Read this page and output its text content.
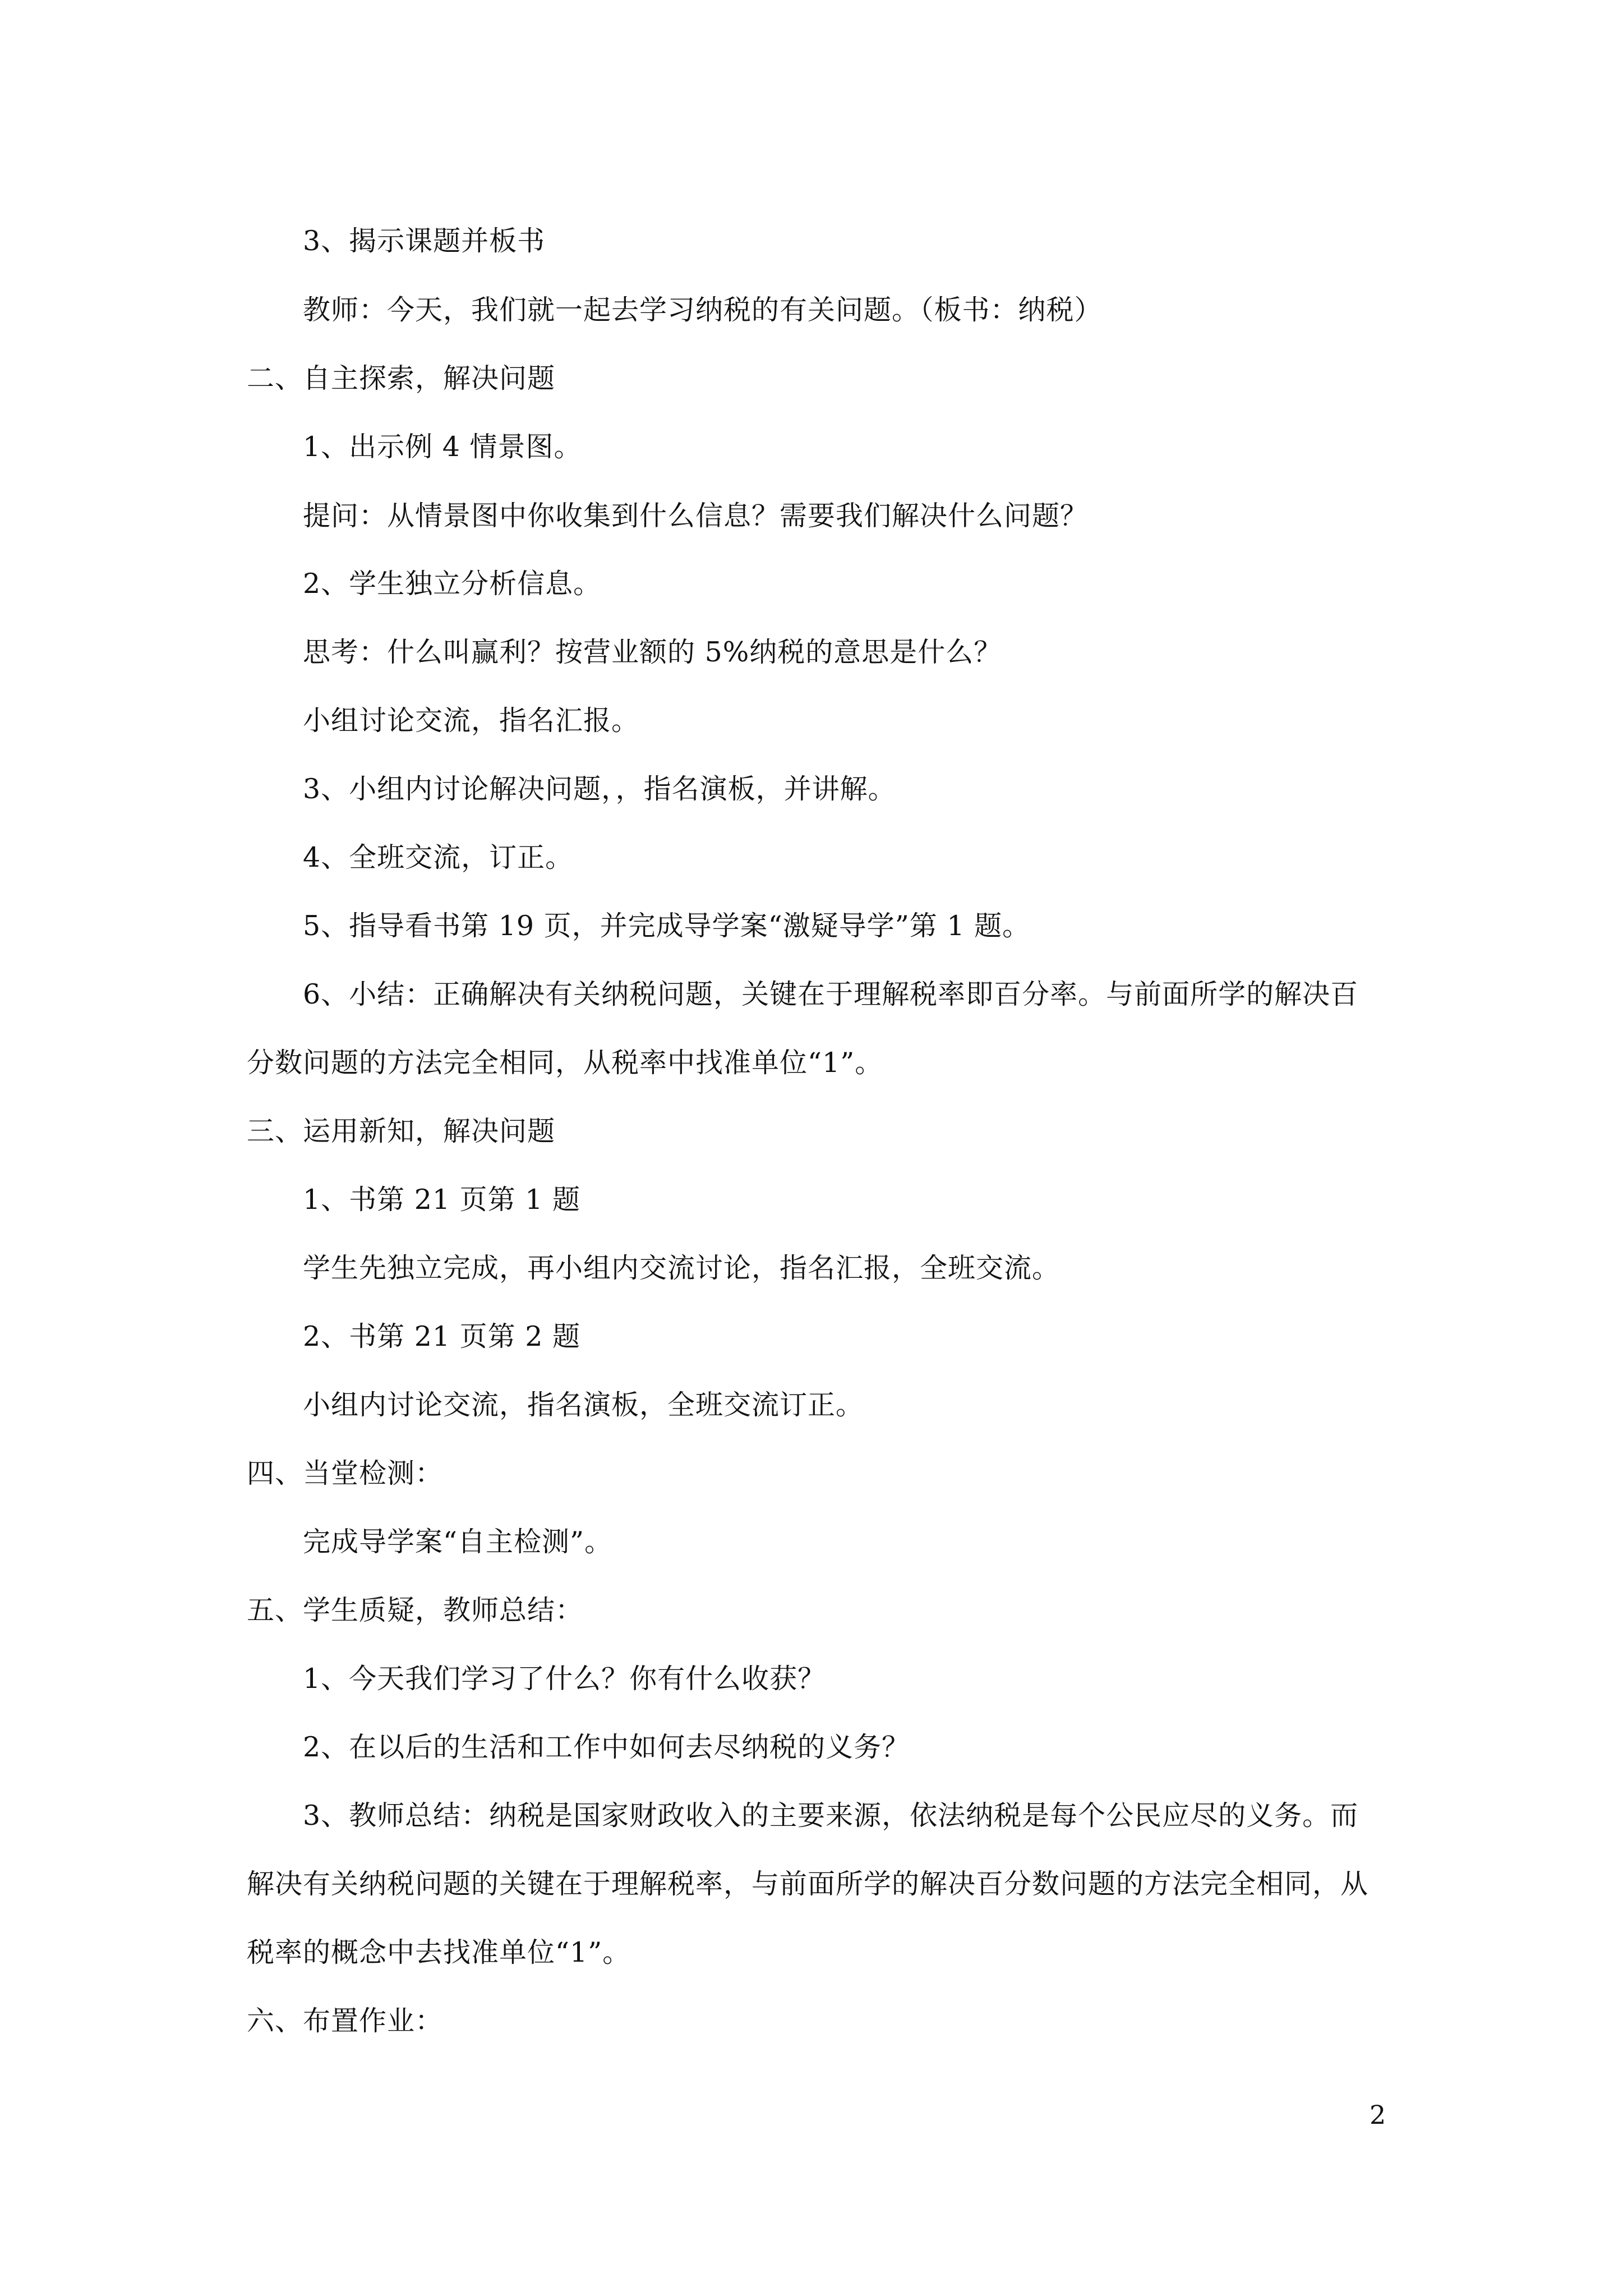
3、揭示课题并板书
教师：今天，我们就一起去学习纳税的有关问题。（板书：纳税）
二、自主探索，解决问题
1、出示例 4 情景图。
提问：从情景图中你收集到什么信息？需要我们解决什么问题？
2、学生独立分析信息。
思考：什么叫赢利？按营业额的 5%纳税的意思是什么？
小组讨论交流，指名汇报。
3、小组内讨论解决问题，，指名演板，并讲解。
4、全班交流，订正。
5、指导看书第 19 页，并完成导学案“激疑导学”第 1 题。
6、小结：正确解决有关纳税问题，关键在于理解税率即百分率。与前面所学的解决百
分数问题的方法完全相同，从税率中找准单位“1”。
三、运用新知，解决问题
1、书第 21 页第 1 题
学生先独立完成，再小组内交流讨论，指名汇报，全班交流。
2、书第 21 页第 2 题
小组内讨论交流，指名演板，全班交流订正。
四、当堂检测：
完成导学案“自主检测”。
五、学生质疑，教师总结：
1、今天我们学习了什么？你有什么收获？
2、在以后的生活和工作中如何去尽纳税的义务？
3、教师总结：纳税是国家财政收入的主要来源，依法纳税是每个公民应尽的义务。而
解决有关纳税问题的关键在于理解税率，与前面所学的解决百分数问题的方法完全相同，从
税率的概念中去找准单位“1”。
六、布置作业：
2
